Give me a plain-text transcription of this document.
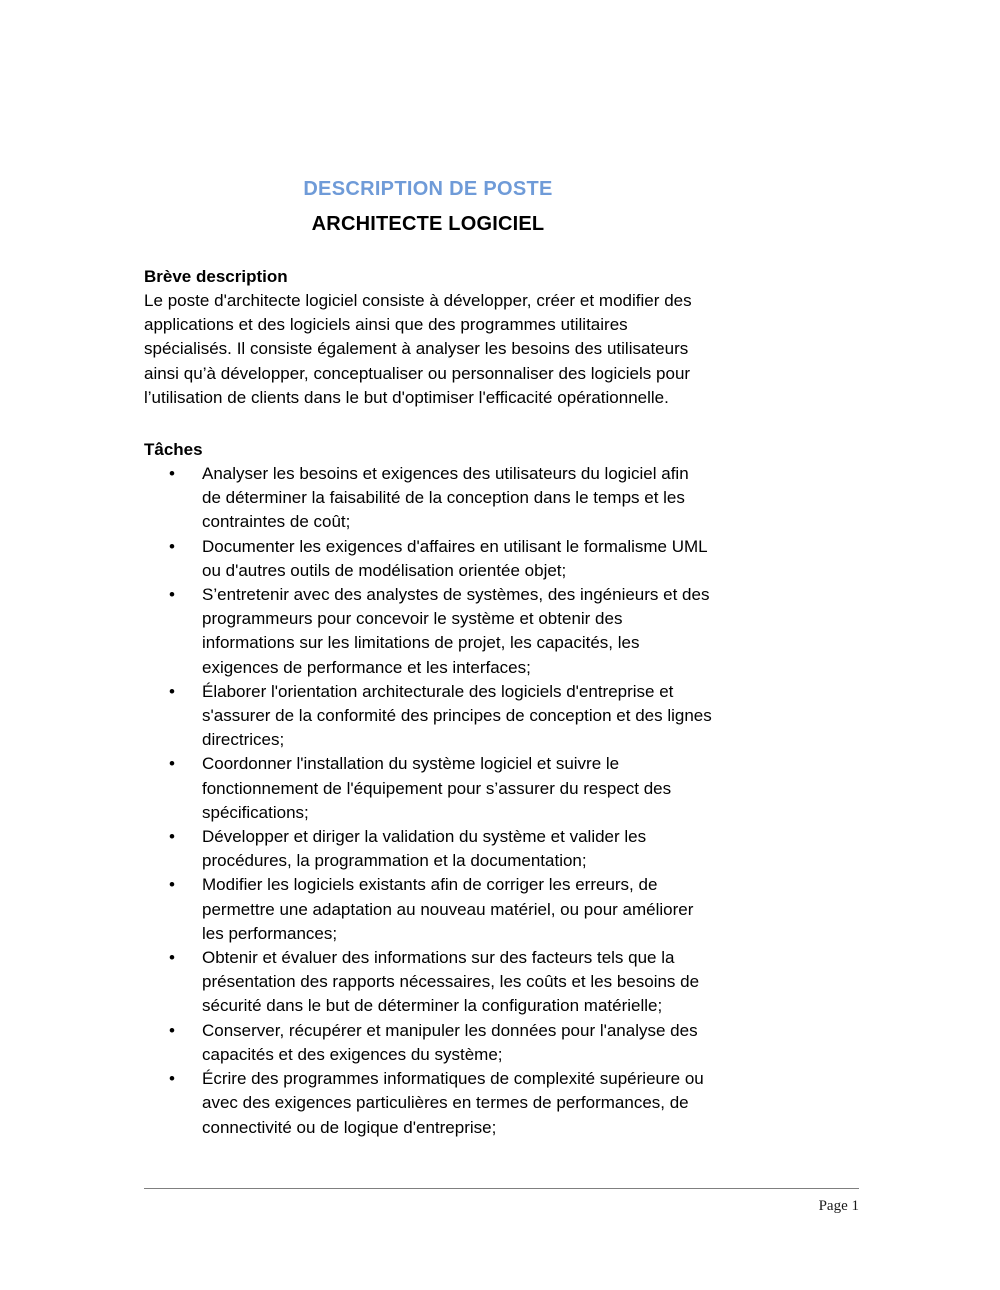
DESCRIPTION DE POSTE
ARCHITECTE LOGICIEL
Brève description

Le poste d'architecte logiciel consiste à développer, créer et modifier des applications et des logiciels ainsi que des programmes utilitaires spécialisés. Il consiste également à analyser les besoins des utilisateurs ainsi qu’à développer, conceptualiser ou personnaliser des logiciels pour l’utilisation de clients dans le but d'optimiser l'efficacité opérationnelle.

Tâches
• Analyser les besoins et exigences des utilisateurs du logiciel afin de déterminer la faisabilité de la conception dans le temps et les contraintes de coût;
• Documenter les exigences d'affaires en utilisant le formalisme UML ou d'autres outils de modélisation orientée objet;
• S’entretenir avec des analystes de systèmes, des ingénieurs et des programmeurs pour concevoir le système et obtenir des informations sur les limitations de projet, les capacités, les exigences de performance et les interfaces;
• Élaborer l'orientation architecturale des logiciels d'entreprise et s'assurer de la conformité des principes de conception et des lignes directrices;
• Coordonner l'installation du système logiciel et suivre le fonctionnement de l'équipement pour s’assurer du respect des spécifications;
• Développer et diriger la validation du système et valider les procédures, la programmation et la documentation;
• Modifier les logiciels existants afin de corriger les erreurs, de permettre une adaptation au nouveau matériel, ou pour améliorer les performances;
• Obtenir et évaluer des informations sur des facteurs tels que la présentation des rapports nécessaires, les coûts et les besoins de sécurité dans le but de déterminer la configuration matérielle;
• Conserver, récupérer et manipuler les données pour l'analyse des capacités et des exigences du système;
• Écrire des programmes informatiques de complexité supérieure ou avec des exigences particulières en termes de performances, de connectivité ou de logique d'entreprise;
Page 1
